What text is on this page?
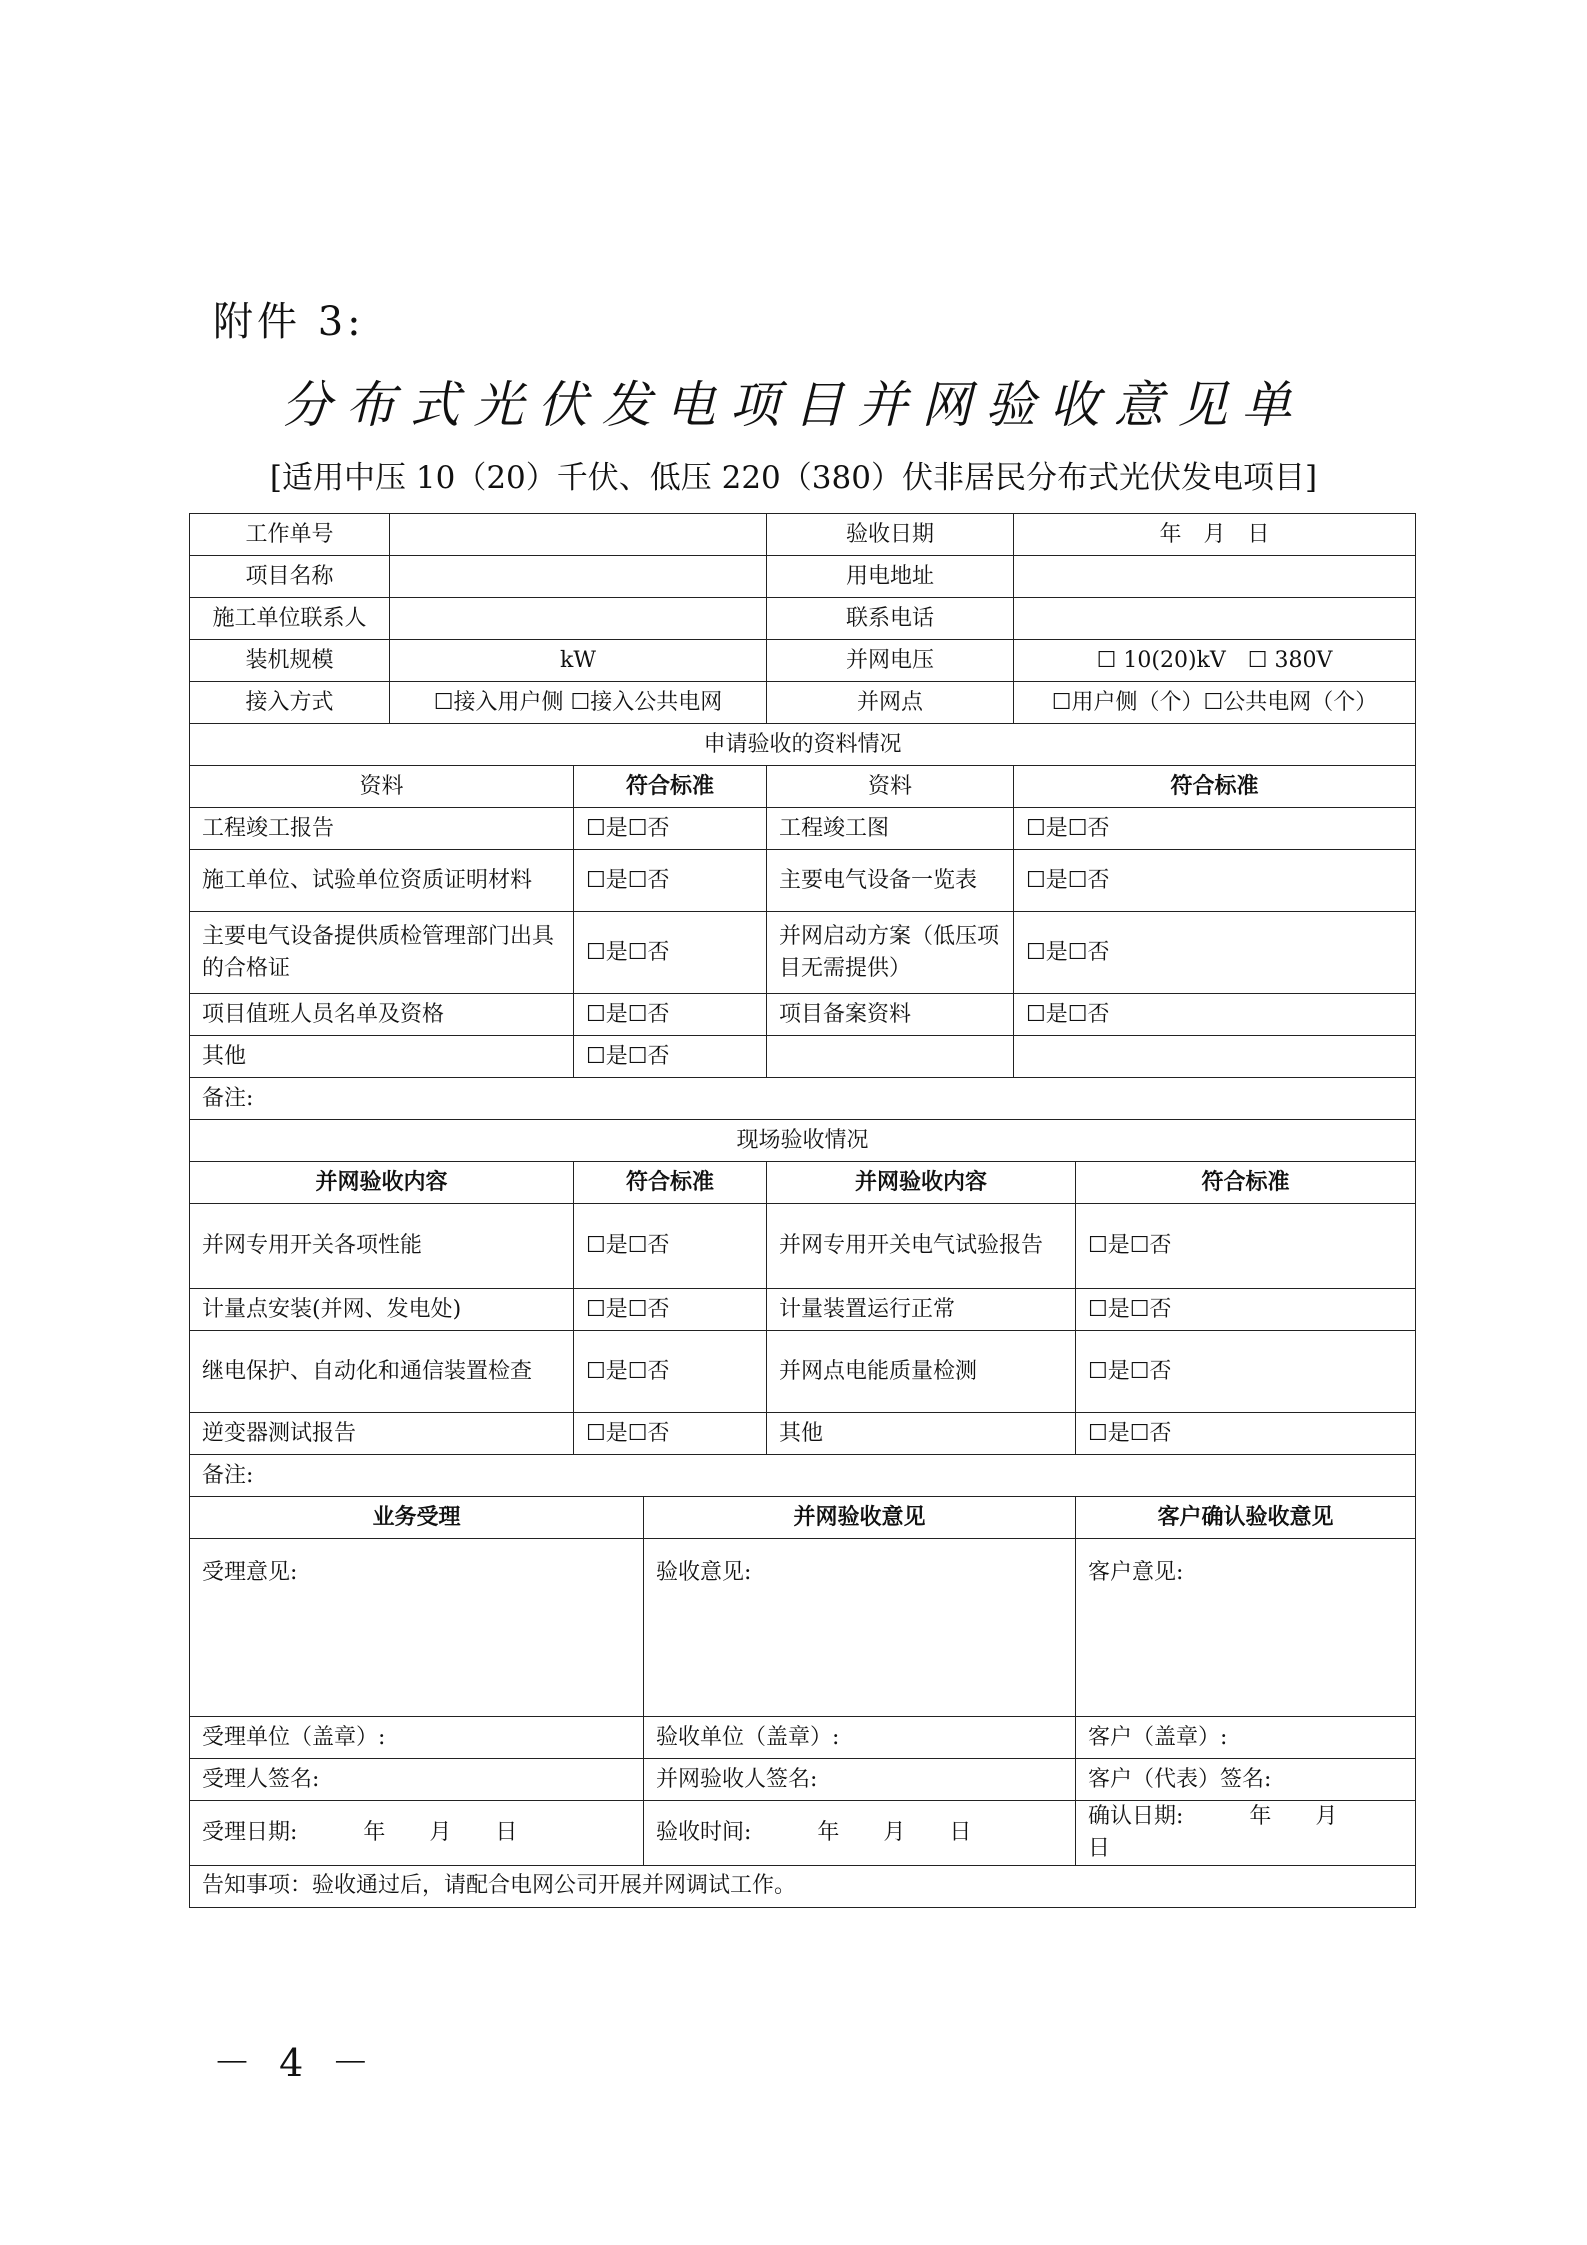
附件 3:
分布式光伏发电项目并网验收意见单
[适用中压 10（20）千伏、低压 220（380）伏非居民分布式光伏发电项目]
工作单号				验收日期	年　月　日	
项目名称				用电地址		
施工单位联系人				联系电话		
装机规模	kW			并网电压	☐ 10(20)kV　☐ 380V	
接入方式	☐接入用户侧 ☐接入公共电网			并网点	☐用户侧（个）☐公共电网（个）	
申请验收的资料情况						
资料		符合标准		资料	符合标准	
工程竣工报告		☐是☐否		工程竣工图	☐是☐否	
施工单位、试验单位资质证明材料		☐是☐否		主要电气设备一览表	☐是☐否	
主要电气设备提供质检管理部门出具的合格证		☐是☐否		并网启动方案（低压项目无需提供）	☐是☐否	
项目值班人员名单及资格		☐是☐否		项目备案资料	☐是☐否	
其他		☐是☐否				
备注:						
现场验收情况						
并网验收内容		符合标准		并网验收内容		符合标准
并网专用开关各项性能		☐是☐否		并网专用开关电气试验报告		☐是☐否
计量点安装(并网、发电处)		☐是☐否		计量装置运行正常		☐是☐否
继电保护、自动化和通信装置检查		☐是☐否		并网点电能质量检测		☐是☐否
逆变器测试报告		☐是☐否		其他		☐是☐否
备注:						
业务受理			并网验收意见			客户确认验收意见
受理意见:			验收意见:			客户意见:
受理单位（盖章）:			验收单位（盖章）:			客户（盖章）:
受理人签名:			并网验收人签名:			客户（代表）签名:
受理日期:　　　年　　月　　日			验收时间:　　　年　　月　　日			确认日期:　　　年　　月　　日
告知事项：验收通过后，请配合电网公司开展并网调试工作。						
－ 4 －
